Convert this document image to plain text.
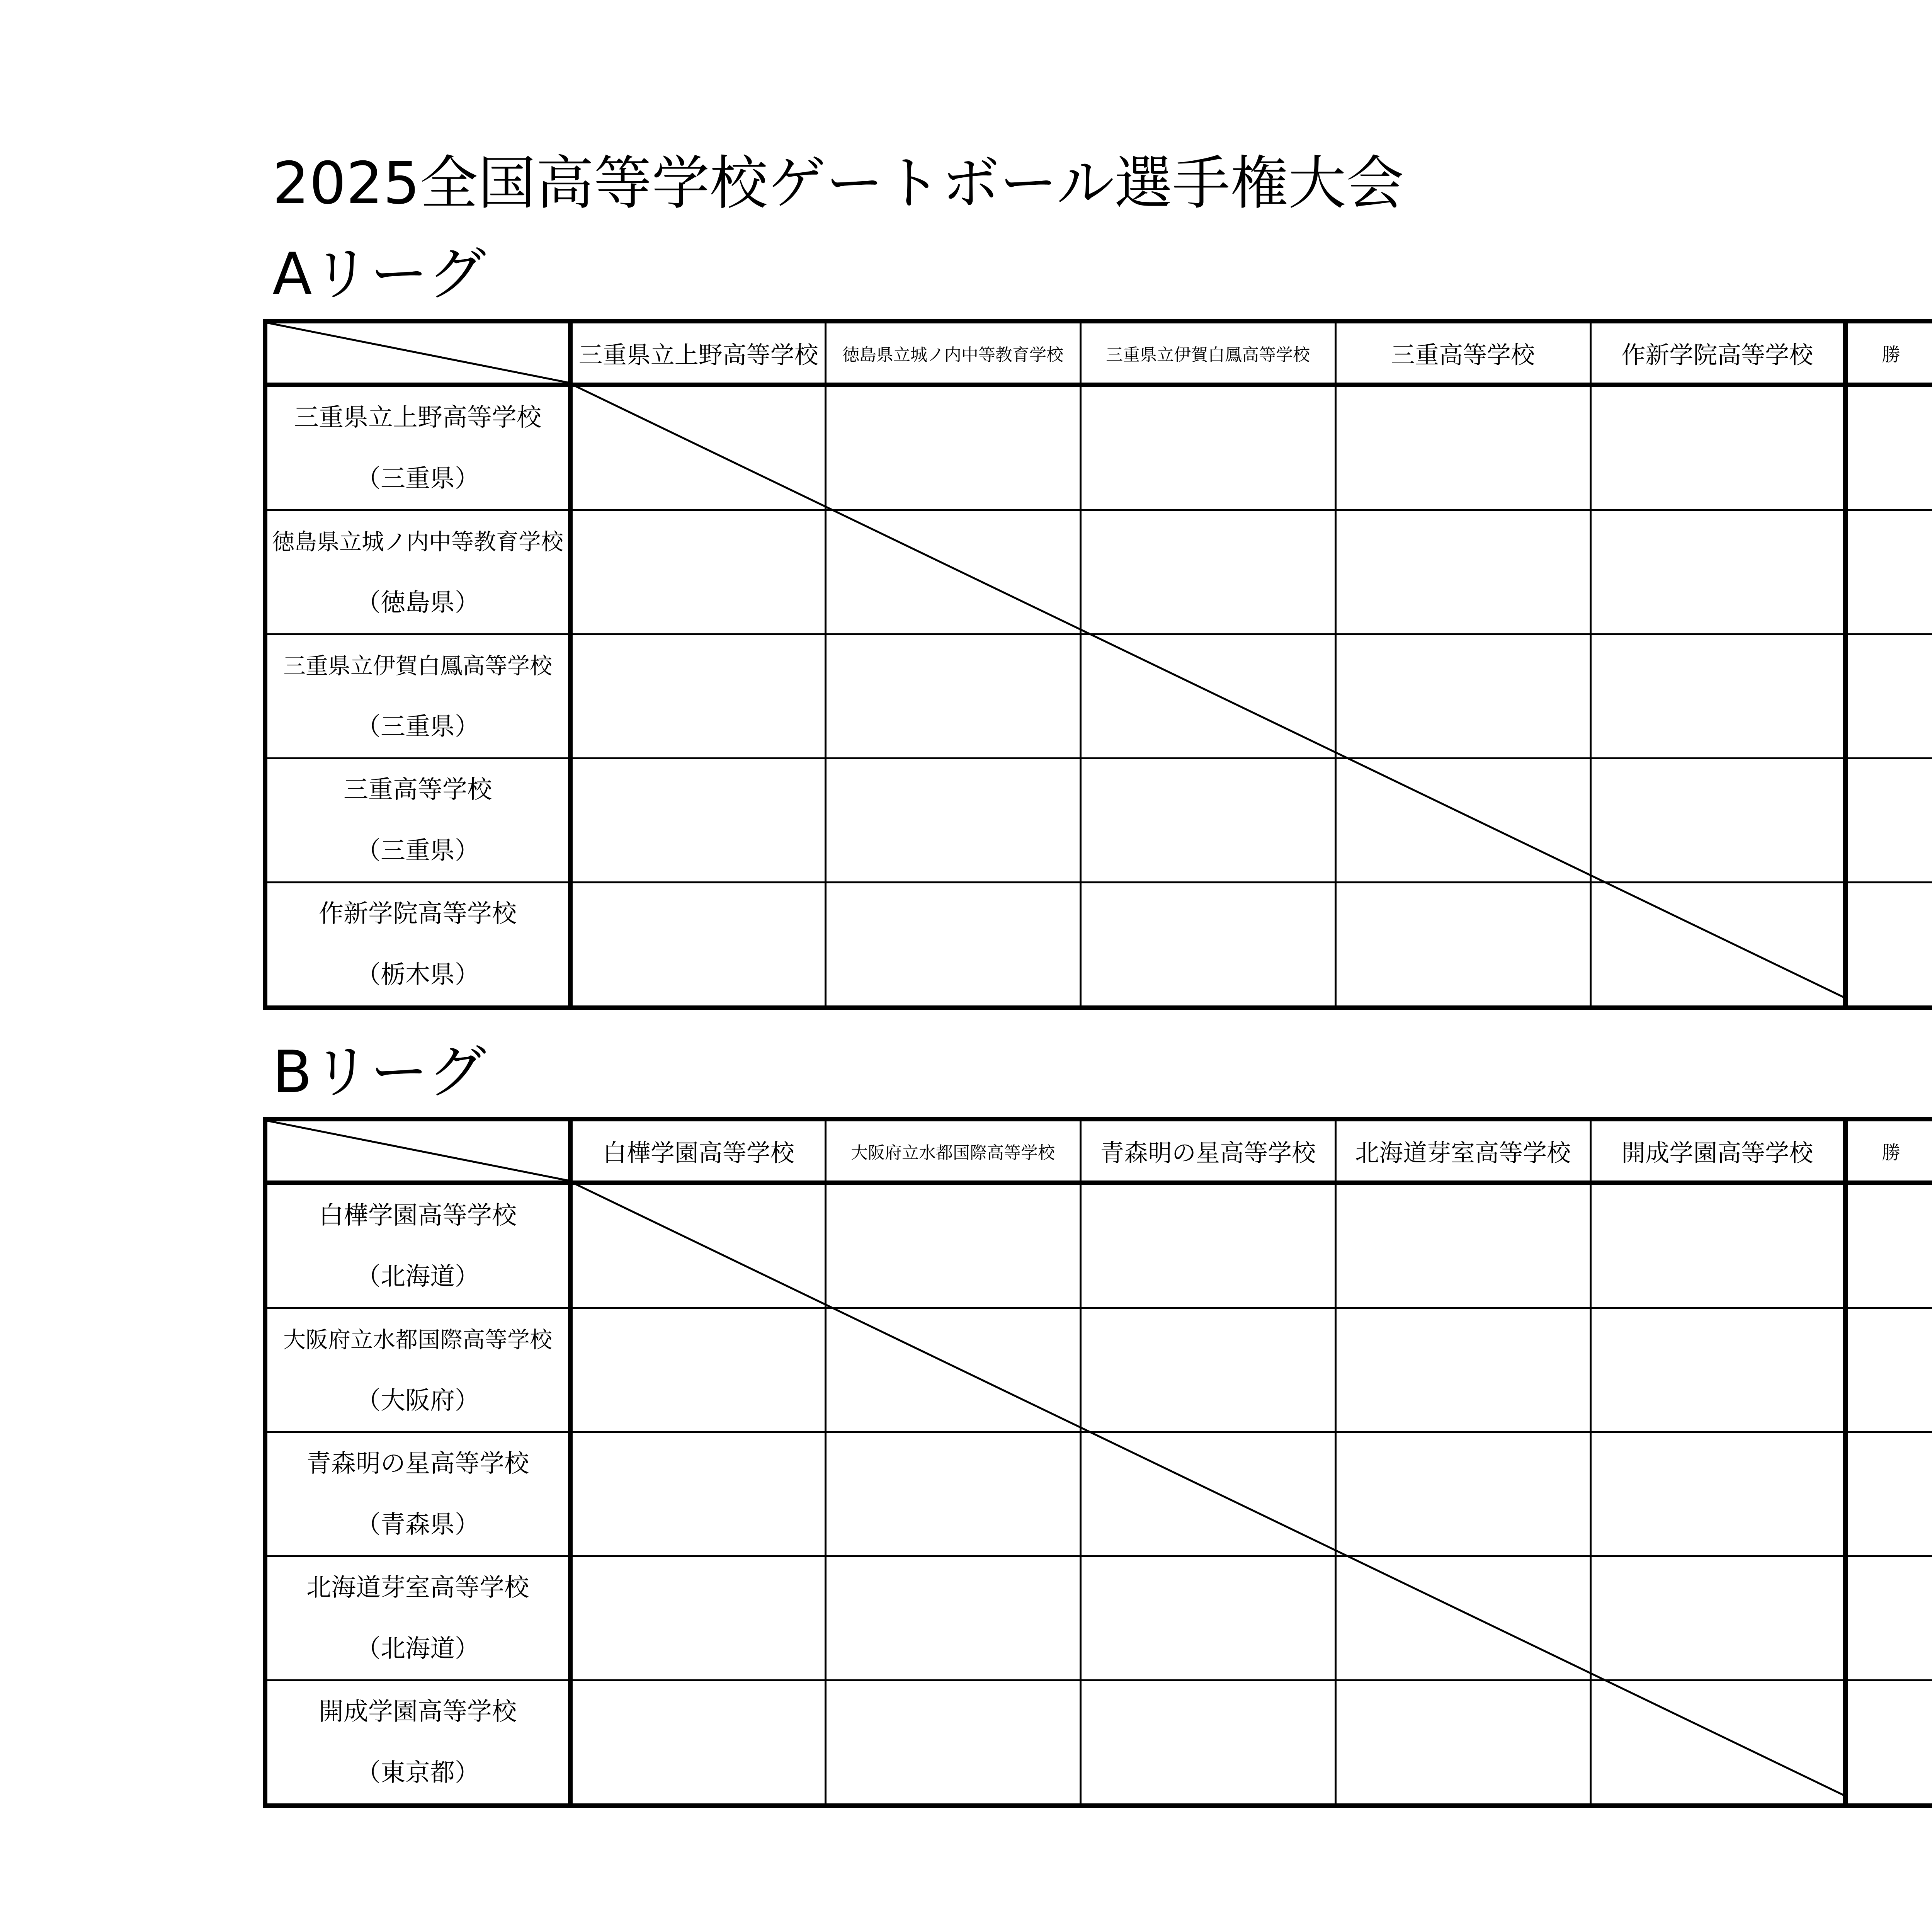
2025全国高等学校ゲートボール選手権大会
Aリーグ
	三重県立上野高等学校	徳島県立城ノ内中等教育学校	三重県立伊賀白鳳高等学校	三重高等学校	作新学院高等学校	勝						

三重県立上野高等学校
（三重県）												

徳島県立城ノ内中等教育学校
（徳島県）												

三重県立伊賀白鳳高等学校
（三重県）												

三重高等学校
（三重県）												

作新学院高等学校
（栃木県）												

Bリーグ
	白樺学園高等学校	大阪府立水都国際高等学校	青森明の星高等学校	北海道芽室高等学校	開成学園高等学校	勝						

白樺学園高等学校
（北海道）												

大阪府立水都国際高等学校
（大阪府）												

青森明の星高等学校
（青森県）												

北海道芽室高等学校
（北海道）												

開成学園高等学校
（東京都）												
